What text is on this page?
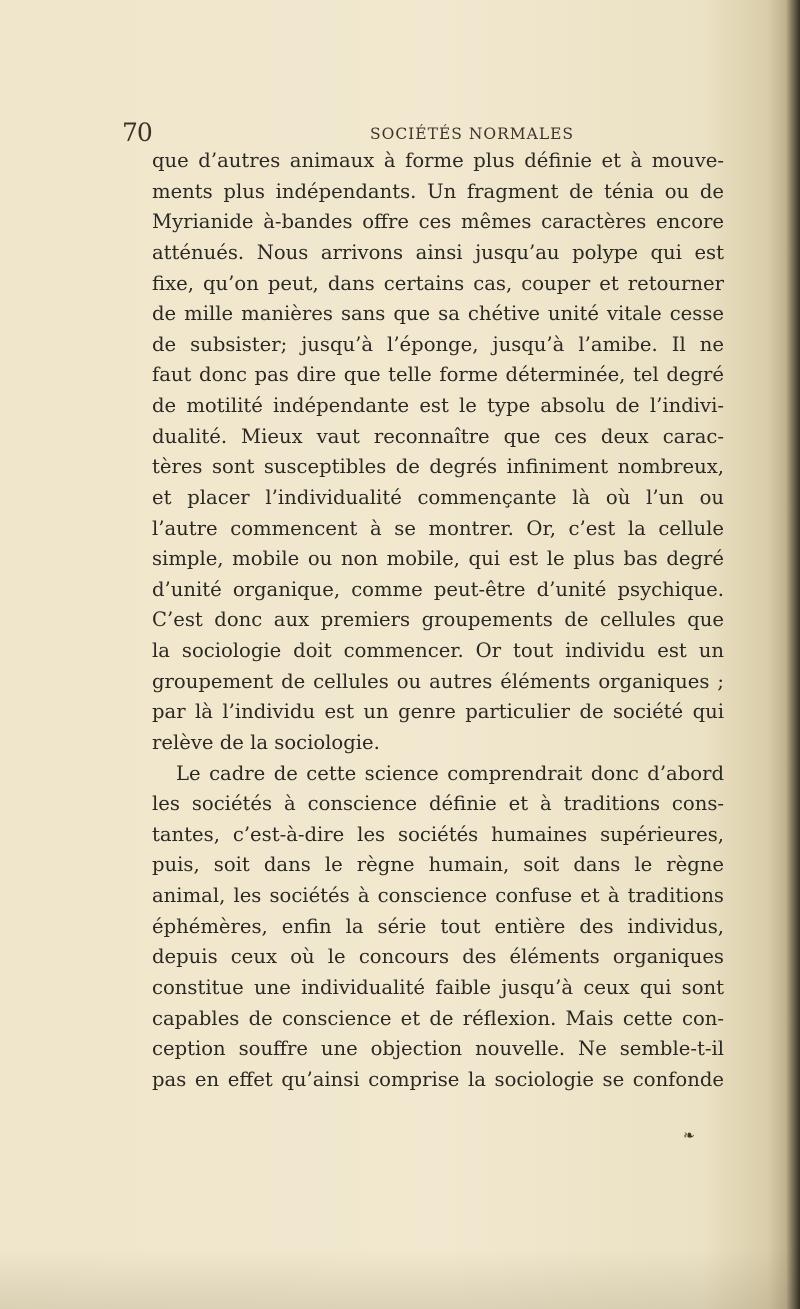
70	SOCIÉTÉS NORMALES
que d’autres animaux à forme plus définie et à mouve-
ments plus indépendants. Un fragment de ténia ou de
Myrianide à-bandes offre ces mêmes caractères encore
atténués. Nous arrivons ainsi jusqu’au polype qui est
fixe, qu’on peut, dans certains cas, couper et retourner
de mille manières sans que sa chétive unité vitale cesse
de subsister; jusqu’à l’éponge, jusqu’à l’amibe. Il ne
faut donc pas dire que telle forme déterminée, tel degré
de motilité indépendante est le type absolu de l’indivi-
dualité. Mieux vaut reconnaître que ces deux carac-
tères sont susceptibles de degrés infiniment nombreux,
et placer l’individualité commençante là où l’un ou
l’autre commencent à se montrer. Or, c’est la cellule
simple, mobile ou non mobile, qui est le plus bas degré
d’unité organique, comme peut-être d’unité psychique.
C’est donc aux premiers groupements de cellules que
la sociologie doit commencer. Or tout individu est un
groupement de cellules ou autres éléments organiques ;
par là l’individu est un genre particulier de société qui
relève de la sociologie.
Le cadre de cette science comprendrait donc d’abord
les sociétés à conscience définie et à traditions cons-
tantes, c’est-à-dire les sociétés humaines supérieures,
puis, soit dans le règne humain, soit dans le règne
animal, les sociétés à conscience confuse et à traditions
éphémères, enfin la série tout entière des individus,
depuis ceux où le concours des éléments organiques
constitue une individualité faible jusqu’à ceux qui sont
capables de conscience et de réflexion. Mais cette con-
ception souffre une objection nouvelle. Ne semble-t-il
pas en effet qu’ainsi comprise la sociologie se confonde
❧
